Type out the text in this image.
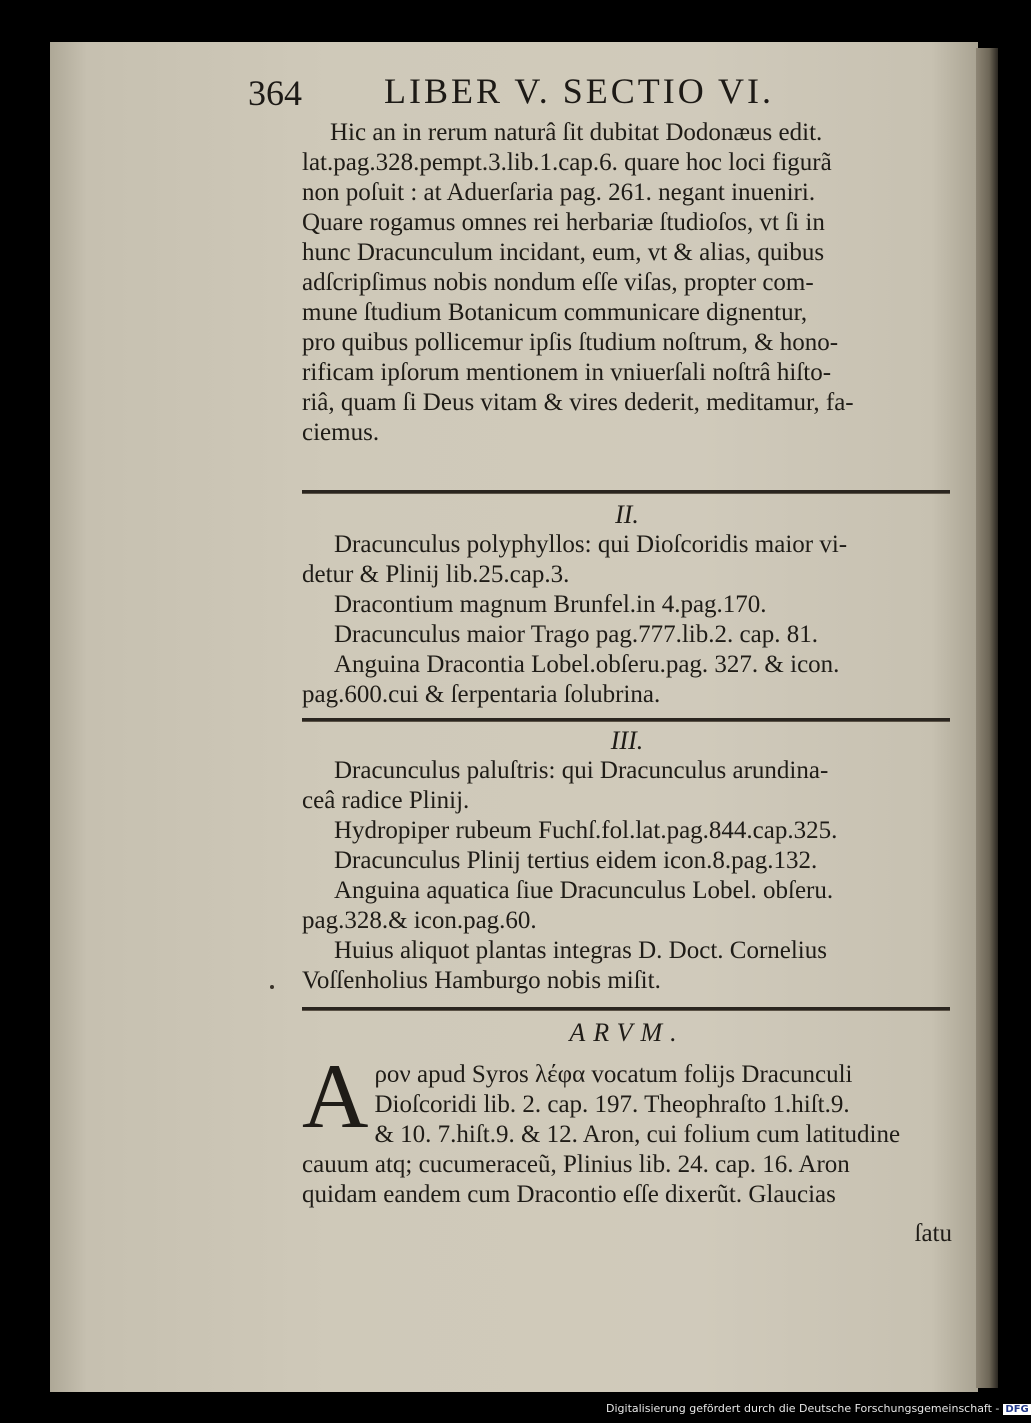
364 LIBER V. SECTIO VI.

Hic an in rerum naturâ ſit dubitat Dodonæus edit.

lat.pag.328.pempt.3.lib.1.cap.6. quare hoc loci figurã

non poſuit : at Aduerſaria pag. 261. negant inueniri.

Quare rogamus omnes rei herbariæ ſtudioſos, vt ſi in

hunc Dracunculum incidant, eum, vt & alias, quibus

adſcripſimus nobis nondum eſſe viſas, propter com-

mune ſtudium Botanicum communicare dignentur,

pro quibus pollicemur ipſis ſtudium noſtrum, & hono-

rificam ipſorum mentionem in vniuerſali noſtrâ hiſto-

riâ, quam ſi Deus vitam & vires dederit, meditamur, fa-

ciemus.

II.

Dracunculus polyphyllos: qui Dioſcoridis maior vi-

detur & Plinij lib.25.cap.3.

Dracontium magnum Brunfel.in 4.pag.170.

Dracunculus maior Trago pag.777.lib.2. cap. 81.

Anguina Dracontia Lobel.obſeru.pag. 327. & icon.

pag.600.cui & ſerpentaria ſolubrina.

III.

Dracunculus paluſtris: qui Dracunculus arundina-

ceâ radice Plinij.

Hydropiper rubeum Fuchſ.fol.lat.pag.844.cap.325.

Dracunculus Plinij tertius eidem icon.8.pag.132.

Anguina aquatica ſiue Dracunculus Lobel. obſeru.

pag.328.& icon.pag.60.

Huius aliquot plantas integras D. Doct. Cornelius

Voſſenholius Hamburgo nobis miſit.

ARVM.
A ρον apud Syros λέφα vocatum folijs Dracunculi

Dioſcoridi lib. 2. cap. 197. Theophraſto 1.hiſt.9.

& 10. 7.hiſt.9. & 12. Aron, cui folium cum latitudine

cauum atq; cucumeraceũ, Plinius lib. 24. cap. 16. Aron

quidam eandem cum Dracontio eſſe dixerũt. Glaucias

ſatu
Digitalisierung gefördert durch die Deutsche Forschungsgemeinschaft - DFG
